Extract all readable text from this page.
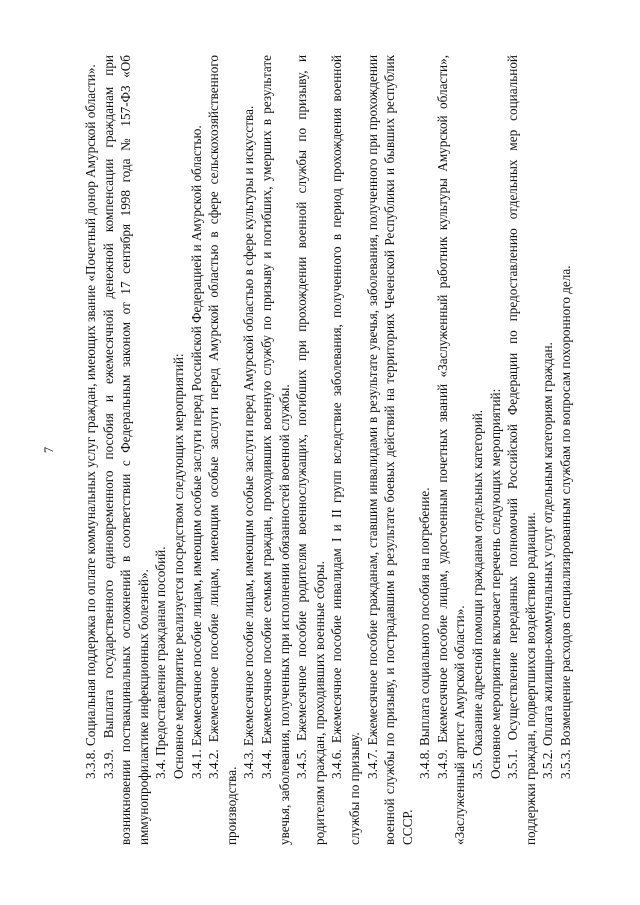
7 3.3.8. Социальная поддержка по оплате коммунальных услуг граждан, имеющих звание «Почетный донор Амурской области». 3.3.9. Выплата государственного единовременного пособия и ежемесячной денежной компенсации гражданам при возникновении поствакцинальных осложнений в соответствии с Федеральным законом от 17 сентября 1998 года № 157-ФЗ «Об иммунопрофилактике инфекционных болезней». 3.4. Предоставление гражданам пособий. Основное мероприятие реализуется посредством следующих мероприятий: 3.4.1. Ежемесячное пособие лицам, имеющим особые заслуги перед Российской Федерацией и Амурской областью. 3.4.2. Ежемесячное пособие лицам, имеющим особые заслуги перед Амурской областью в сфере сельскохозяйственного производства.

3.4.3. Ежемесячное пособие лицам, имеющим особые заслуги перед Амурской областью в сфере культуры и искусства. 3.4.4. Ежемесячное пособие семьям граждан, проходивших военную службу по призыву и погибших, умерших в результате увечья, заболевания, полученных при исполнении обязанностей военной службы. 3.4.5. Ежемесячное пособие родителям военнослужащих, погибших при прохождении военной службы по призыву, и родителям граждан, проходивших военные сборы. 3.4.6. Ежемесячное пособие инвалидам I и II групп вследствие заболевания, полученного в период прохождения военной службы по призыву.

3.4.7. Ежемесячное пособие гражданам, ставшим инвалидами в результате увечья, заболевания, полученного при прохождении военной службы по призыву, и пострадавшим в результате боевых действий на территориях Чеченской Республики и бывших республик СССР.

3.4.8. Выплата социального пособия на погребение. 3.4.9. Ежемесячное пособие лицам, удостоенным почетных званий «Заслуженный работник культуры Амурской области», «Заслуженный артист Амурской области». 3.5. Оказание адресной помощи гражданам отдельных категорий. Основное мероприятие включает перечень следующих мероприятий: 3.5.1. Осуществление переданных полномочий Российской Федерации по предоставлению отдельных мер социальной поддержки граждан, подвергшихся воздействию радиации. 3.5.2. Оплата жилищно-коммунальных услуг отдельным категориям граждан. 3.5.3. Возмещение расходов специализированным службам по вопросам похоронного дела.
